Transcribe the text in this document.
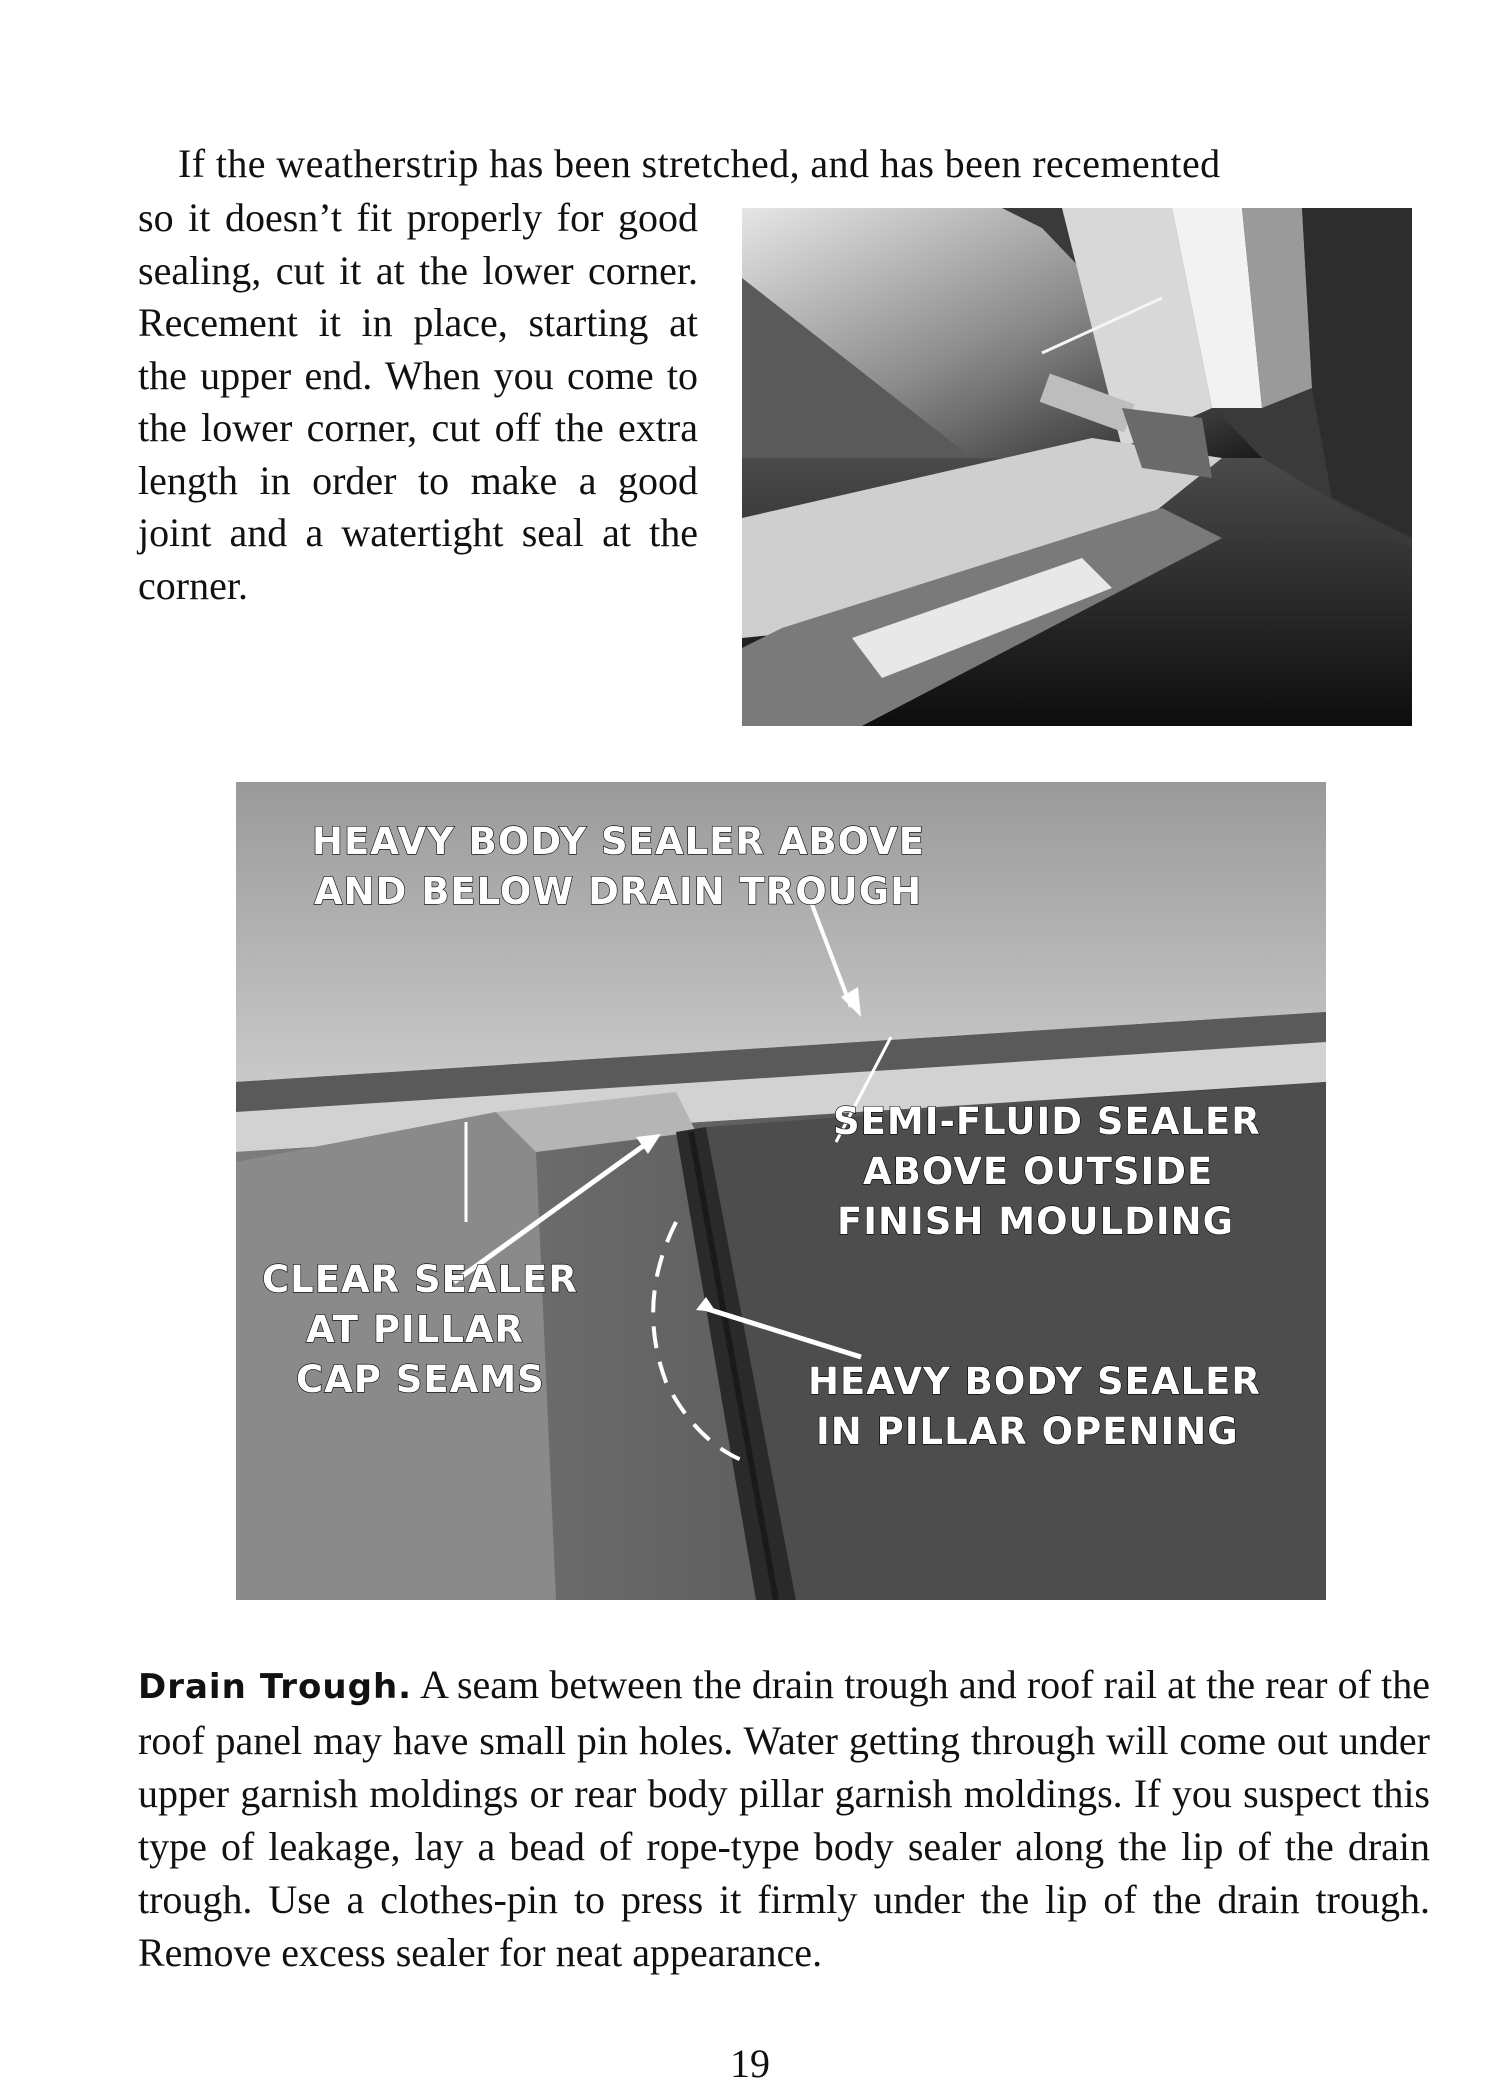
If the weatherstrip has been stretched, and has been recemented
so it doesn’t fit properly for good sealing, cut it at the lower corner. Recement it in place, starting at the upper end. When you come to the lower corner, cut off the extra length in order to make a good joint and a watertight seal at the corner.
HEAVY BODY SEALER ABOVE
AND BELOW DRAIN TROUGH
SEMI-FLUID SEALER
ABOVE OUTSIDE
FINISH MOULDING
CLEAR SEALER
AT PILLAR
CAP SEAMS	HEAVY BODY SEALER
IN PILLAR OPENING
Drain Trough. A seam between the drain trough and roof rail at the rear of the roof panel may have small pin holes. Water getting through will come out under upper garnish moldings or rear body pillar garnish moldings. If you suspect this type of leakage, lay a bead of rope-type body sealer along the lip of the drain trough. Use a clothes-pin to press it firmly under the lip of the drain trough. Remove excess sealer for neat appearance.
19
